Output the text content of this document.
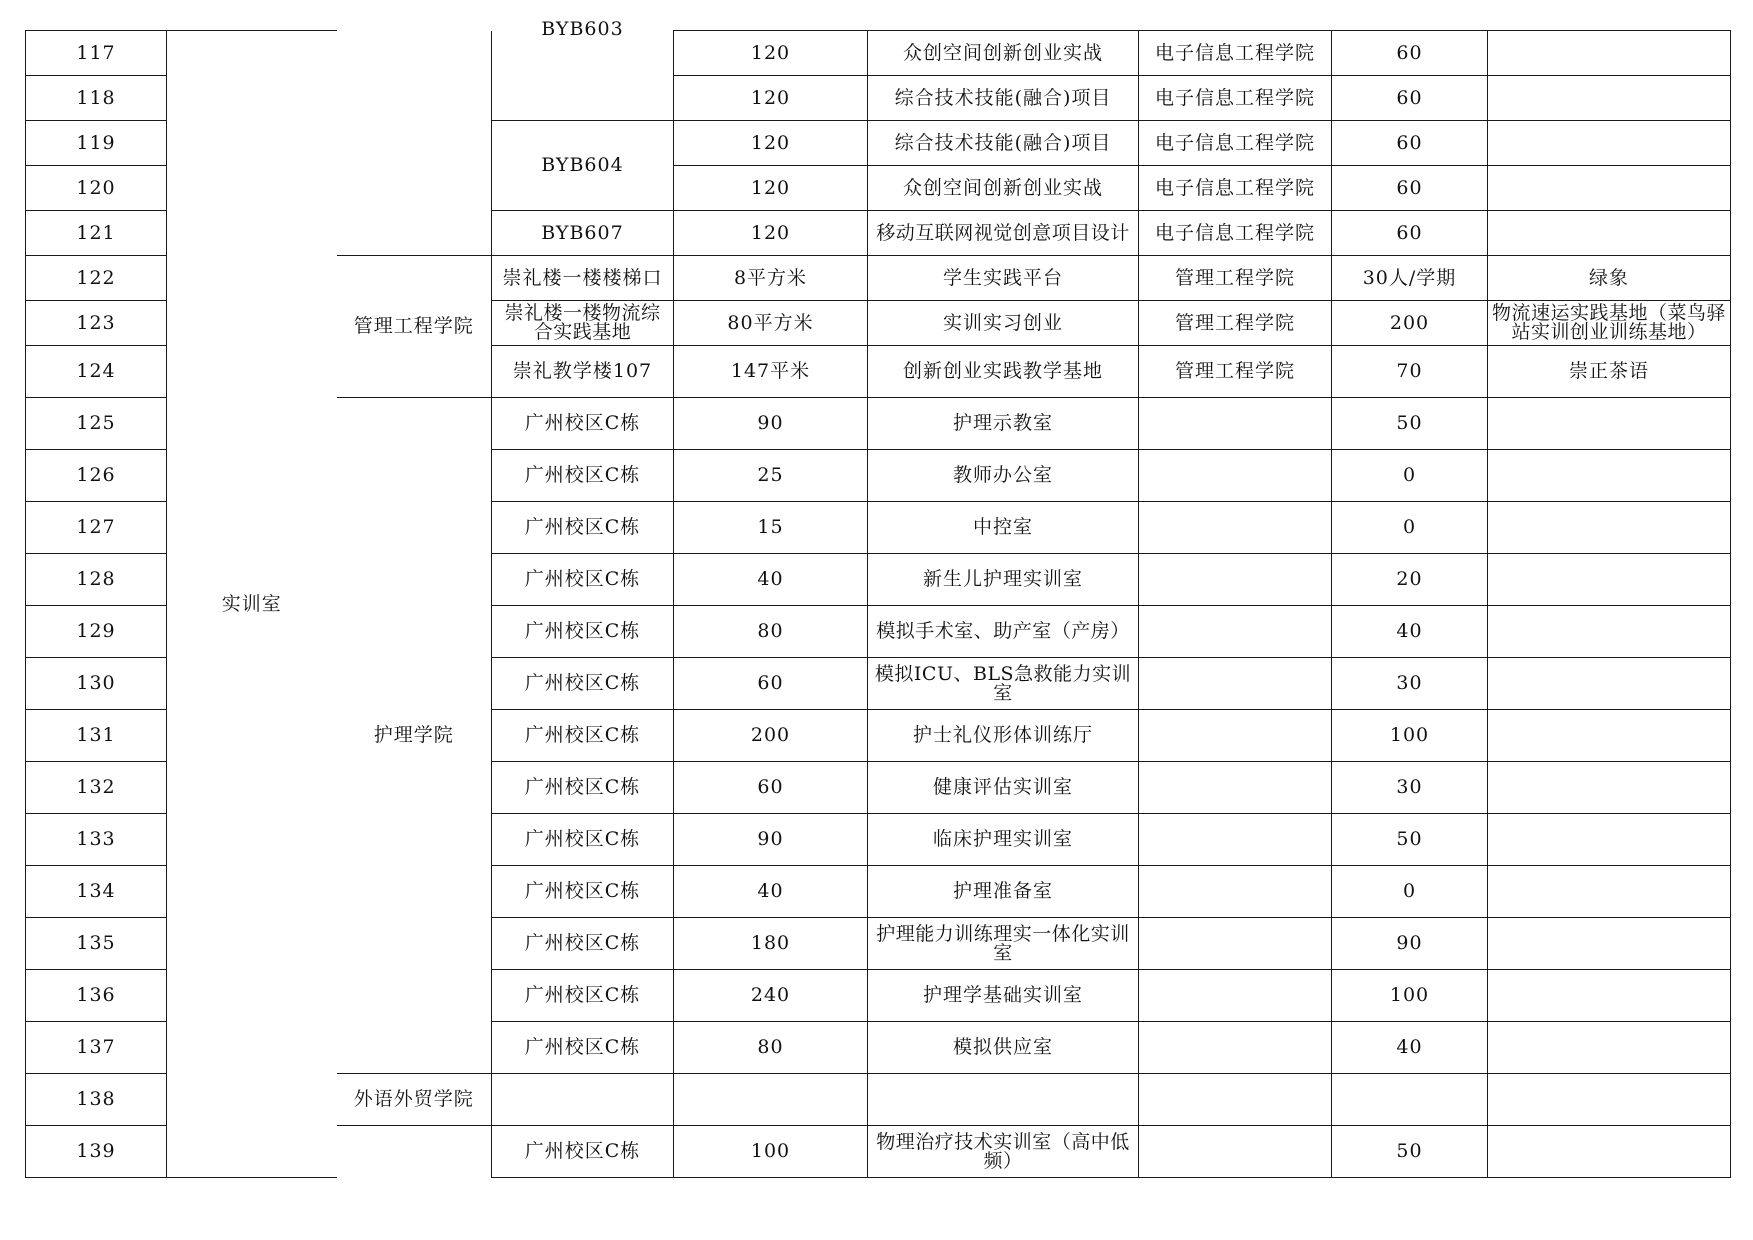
117	实训室		BYB603	120	众创空间创新创业实战	电子信息工程学院	60	
118				120	综合技术技能(融合)项目	电子信息工程学院	60	
119			BYB604	120	综合技术技能(融合)项目	电子信息工程学院	60	
120				120	众创空间创新创业实战	电子信息工程学院	60	
121			BYB607	120	移动互联网视觉创意项目设计	电子信息工程学院	60	
122		管理工程学院	崇礼楼一楼楼梯口	8平方米	学生实践平台	管理工程学院	30人/学期	绿象
123			崇礼楼一楼物流综合实践基地	80平方米	实训实习创业	管理工程学院	200	物流速运实践基地（菜鸟驿站实训创业训练基地）
124			崇礼教学楼107	147平米	创新创业实践教学基地	管理工程学院	70	崇正茶语
125		护理学院	广州校区C栋	90	护理示教室		50	
126			广州校区C栋	25	教师办公室		0	
127			广州校区C栋	15	中控室		0	
128			广州校区C栋	40	新生儿护理实训室		20	
129			广州校区C栋	80	模拟手术室、助产室（产房）		40	
130			广州校区C栋	60	模拟ICU、BLS急救能力实训室		30	
131			广州校区C栋	200	护士礼仪形体训练厅		100	
132			广州校区C栋	60	健康评估实训室		30	
133			广州校区C栋	90	临床护理实训室		50	
134			广州校区C栋	40	护理准备室		0	
135			广州校区C栋	180	护理能力训练理实一体化实训室		90	
136			广州校区C栋	240	护理学基础实训室		100	
137			广州校区C栋	80	模拟供应室		40	
138		外语外贸学院						
139			广州校区C栋	100	物理治疗技术实训室（高中低频）		50	
